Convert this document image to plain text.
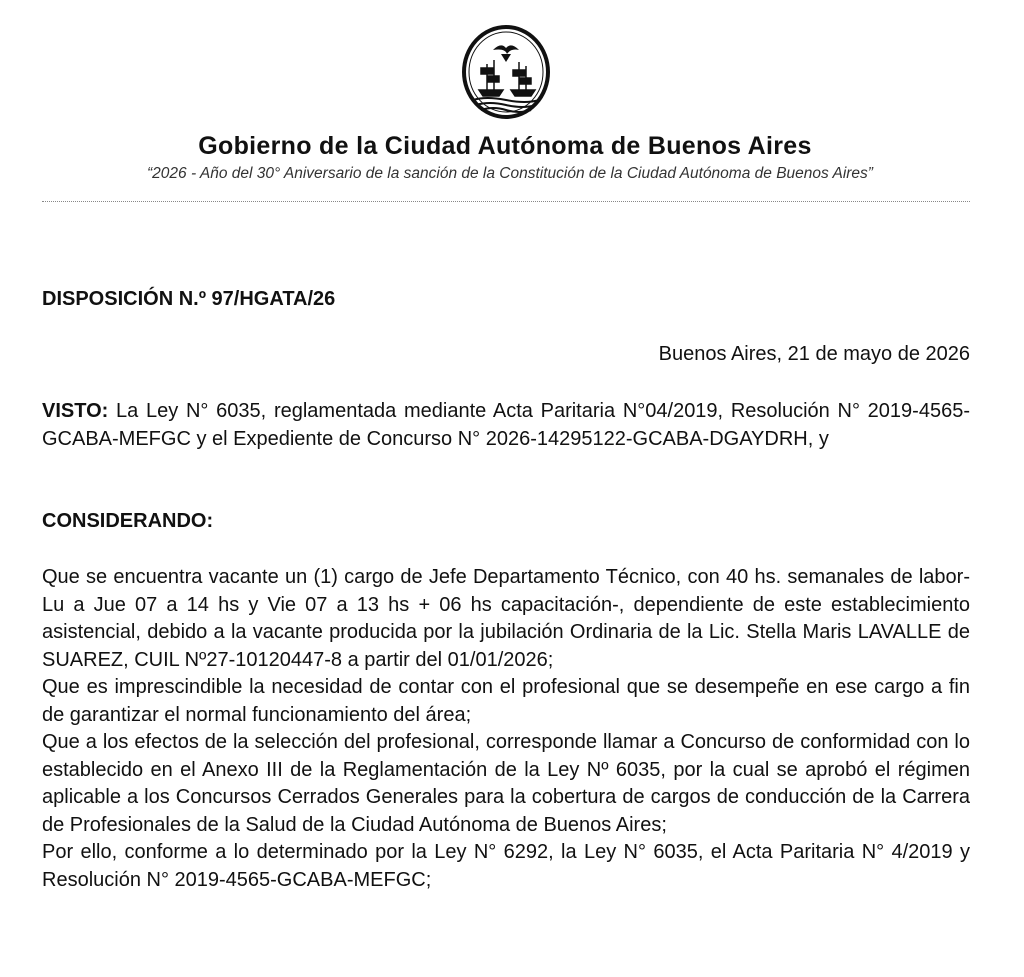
Gobierno de la Ciudad Autónoma de Buenos Aires
“2026 - Año del 30° Aniversario de la sanción de la Constitución de la Ciudad Autónoma de Buenos Aires”
DISPOSICIÓN N.º 97/HGATA/26
Buenos Aires, 21 de mayo de 2026
VISTO: La Ley N° 6035, reglamentada mediante Acta Paritaria N°04/2019, Resolución N° 2019-4565-GCABA-MEFGC y el Expediente de Concurso N° 2026-14295122-GCABA-DGAYDRH, y
CONSIDERANDO:

Que se encuentra vacante un (1) cargo de Jefe Departamento Técnico, con 40 hs. semanales de labor- Lu a Jue 07 a 14 hs y Vie 07 a 13 hs + 06 hs capacitación-, dependiente de este establecimiento asistencial, debido a la vacante producida por la jubilación Ordinaria de la Lic. Stella Maris LAVALLE de SUAREZ, CUIL Nº27-10120447-8 a partir del 01/01/2026;

Que es imprescindible la necesidad de contar con el profesional que se desempeñe en ese cargo a fin de garantizar el normal funcionamiento del área;

Que a los efectos de la selección del profesional, corresponde llamar a Concurso de conformidad con lo establecido en el Anexo III de la Reglamentación de la Ley Nº 6035, por la cual se aprobó el régimen aplicable a los Concursos Cerrados Generales para la cobertura de cargos de conducción de la Carrera de Profesionales de la Salud de la Ciudad Autónoma de Buenos Aires;

Por ello, conforme a lo determinado por la Ley N° 6292, la Ley N° 6035, el Acta Paritaria N° 4/2019 y Resolución N° 2019-4565-GCABA-MEFGC;
